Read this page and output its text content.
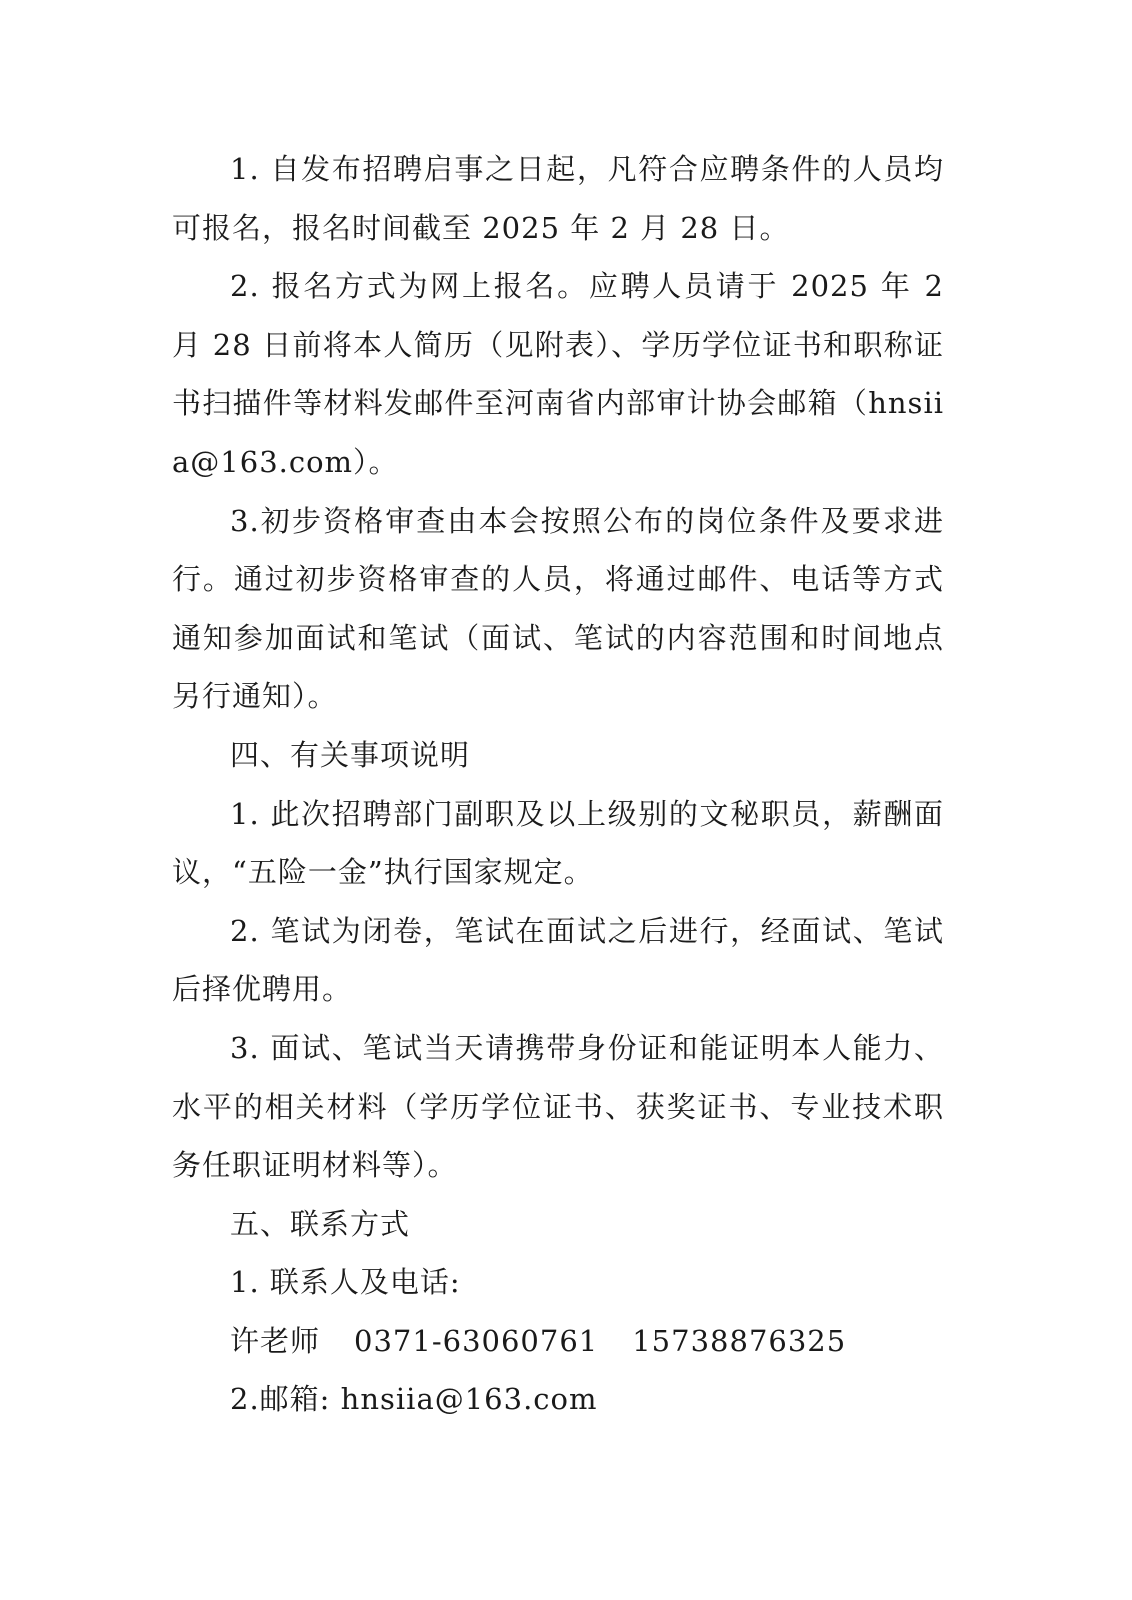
1. 自发布招聘启事之日起，凡符合应聘条件的人员均可报名，报名时间截至 2025 年 2 月 28 日。

2. 报名方式为网上报名。应聘人员请于 2025 年 2 月 28 日前将本人简历（见附表）、学历学位证书和职称证书扫描件等材料发邮件至河南省内部审计协会邮箱（hnsiia@163.com）。

3.初步资格审查由本会按照公布的岗位条件及要求进行。通过初步资格审查的人员，将通过邮件、电话等方式通知参加面试和笔试（面试、笔试的内容范围和时间地点另行通知）。

四、有关事项说明

1. 此次招聘部门副职及以上级别的文秘职员，薪酬面议，“五险一金”执行国家规定。

2. 笔试为闭卷，笔试在面试之后进行，经面试、笔试后择优聘用。

3. 面试、笔试当天请携带身份证和能证明本人能力、水平的相关材料（学历学位证书、获奖证书、专业技术职务任职证明材料等）。

五、联系方式

1. 联系人及电话:

许老师 0371-63060761 15738876325

2.邮箱: hnsiia@163.com
